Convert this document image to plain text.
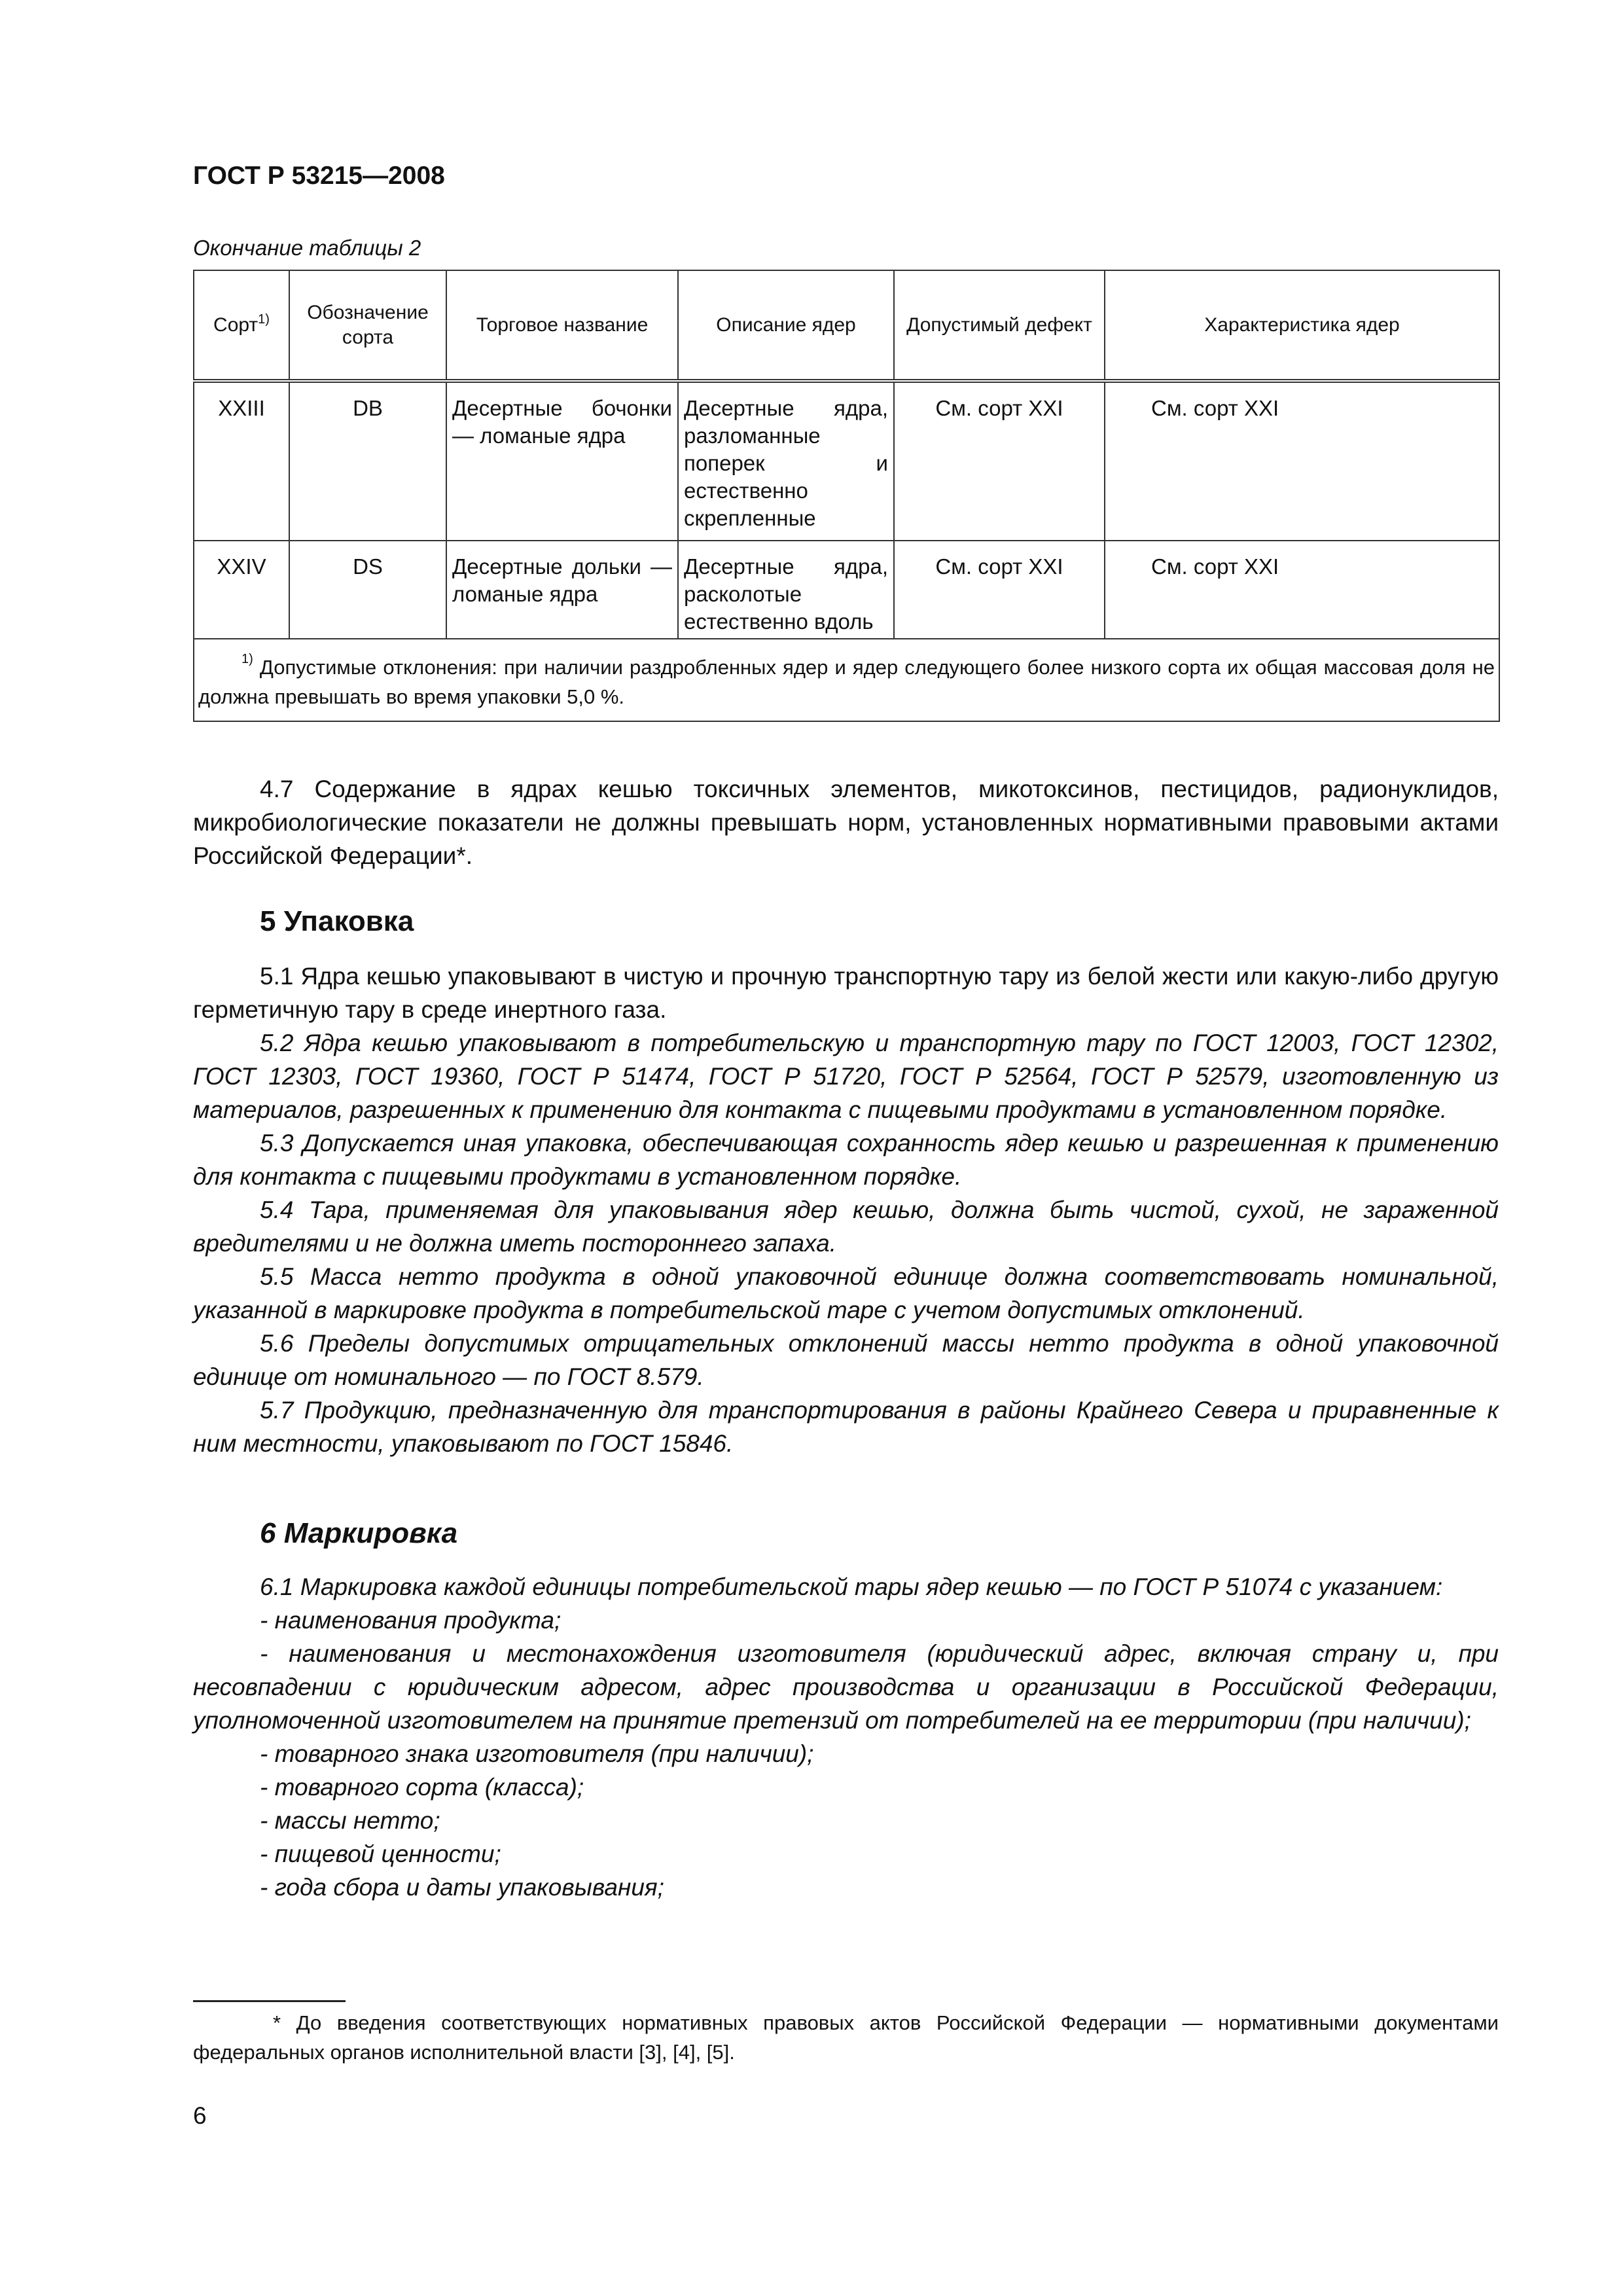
ГОСТ Р 53215—2008
Окончание таблицы 2
Сорт$^{1)}$	Обозначение сорта	Торговое название	Описание ядер	Допустимый дефект	Характеристика ядер
XXIII	DB	Десертные бочонки — ломаные ядра	Десертные ядра, разломанные поперек и естественно скрепленные	См. сорт XXI	См. сорт XXI
XXIV	DS	Десертные дольки — ломаные ядра	Десертные ядра, расколотые естественно вдоль	См. сорт XXI	См. сорт XXI
$^{1)}$ Допустимые отклонения: при наличии раздробленных ядер и ядер следующего более низкого сорта их общая массовая доля не должна превышать во время упаковки 5,0 %.					

4.7 Содержание в ядрах кешью токсичных элементов, микотоксинов, пестицидов, радионуклидов, микробиологические показатели не должны превышать норм, установленных нормативными правовыми актами Российской Федерации*.

5 Упаковка

5.1 Ядра кешью упаковывают в чистую и прочную транспортную тару из белой жести или какую-либо другую герметичную тару в среде инертного газа.

5.2 Ядра кешью упаковывают в потребительскую и транспортную тару по ГОСТ 12003, ГОСТ 12302, ГОСТ 12303, ГОСТ 19360, ГОСТ Р 51474, ГОСТ Р 51720, ГОСТ Р 52564, ГОСТ Р 52579, изготовленную из материалов, разрешенных к применению для контакта с пищевыми продуктами в установленном порядке.

5.3 Допускается иная упаковка, обеспечивающая сохранность ядер кешью и разрешенная к применению для контакта с пищевыми продуктами в установленном порядке.

5.4 Тара, применяемая для упаковывания ядер кешью, должна быть чистой, сухой, не зараженной вредителями и не должна иметь постороннего запаха.

5.5 Масса нетто продукта в одной упаковочной единице должна соответствовать номинальной, указанной в маркировке продукта в потребительской таре с учетом допустимых отклонений.

5.6 Пределы допустимых отрицательных отклонений массы нетто продукта в одной упаковочной единице от номинального — по ГОСТ 8.579.

5.7 Продукцию, предназначенную для транспортирования в районы Крайнего Севера и приравненные к ним местности, упаковывают по ГОСТ 15846.

6 Маркировка

6.1 Маркировка каждой единицы потребительской тары ядер кешью — по ГОСТ Р 51074 с указанием:

- наименования продукта;

- наименования и местонахождения изготовителя (юридический адрес, включая страну и, при несовпадении с юридическим адресом, адрес производства и организации в Российской Федерации, уполномоченной изготовителем на принятие претензий от потребителей на ее территории (при наличии);

- товарного знака изготовителя (при наличии);

- товарного сорта (класса);

- массы нетто;

- пищевой ценности;

- года сбора и даты упаковывания;

* До введения соответствующих нормативных правовых актов Российской Федерации — нормативными документами федеральных органов исполнительной власти [3], [4], [5].
6
